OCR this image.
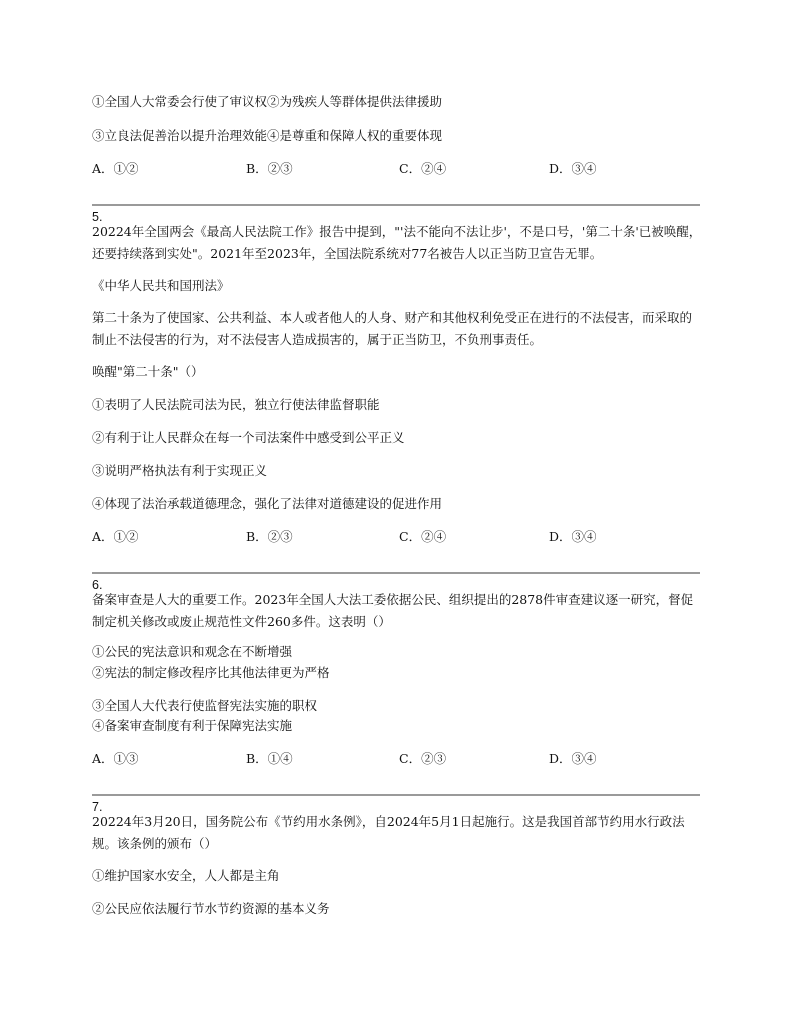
①全国人大常委会行使了审议权②为残疾人等群体提供法律援助
③立良法促善治以提升治理效能④是尊重和保障人权的重要体现
A．①②	B．②③	C．②④	D．③④
5.
20224年全国两会《最高人民法院工作》报告中提到，"'法不能向不法让步'，不是口号，'第二十条'已被唤醒，还要持续落到实处"。2021年至2023年，全国法院系统对77名被告人以正当防卫宣告无罪。
《中华人民共和国刑法》
第二十条为了使国家、公共利益、本人或者他人的人身、财产和其他权利免受正在进行的不法侵害，而采取的制止不法侵害的行为，对不法侵害人造成损害的，属于正当防卫，不负刑事责任。
唤醒"第二十条"（）
①表明了人民法院司法为民，独立行使法律监督职能
②有利于让人民群众在每一个司法案件中感受到公平正义
③说明严格执法有利于实现正义
④体现了法治承载道德理念，强化了法律对道德建设的促进作用
A．①②	B．②③	C．②④	D．③④
6.
备案审查是人大的重要工作。2023年全国人大法工委依据公民、组织提出的2878件审查建议逐一研究，督促制定机关修改或废止规范性文件260多件。这表明（）
①公民的宪法意识和观念在不断增强
②宪法的制定修改程序比其他法律更为严格
③全国人大代表行使监督宪法实施的职权
④备案审查制度有利于保障宪法实施
A．①③	B．①④	C．②③	D．③④
7.
20224年3月20日，国务院公布《节约用水条例》，自2024年5月1日起施行。这是我国首部节约用水行政法规。该条例的颁布（）
①维护国家水安全，人人都是主角
②公民应依法履行节水节约资源的基本义务
